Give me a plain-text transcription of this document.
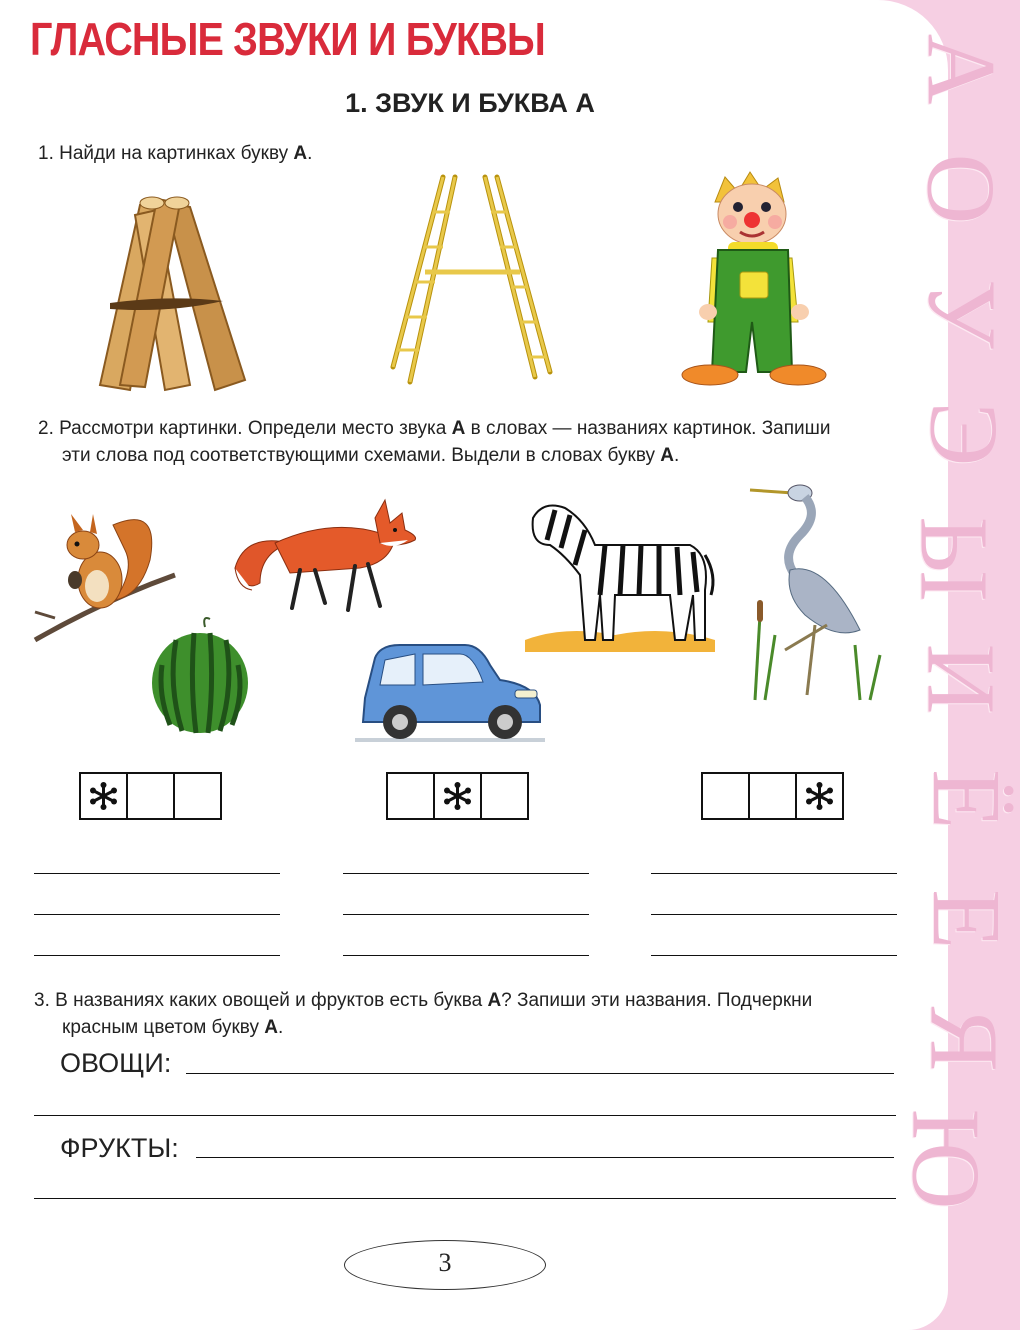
ГЛАСНЫЕ ЗВУКИ И БУКВЫ
1. ЗВУК И БУКВА А
1. Найди на картинках букву А.
2. Рассмотри картинки. Определи место звука А в словах — названиях картинок. Запиши
эти слова под соответствующими схемами. Выдели в словах букву А.
3. В названиях каких овощей и фруктов есть буква А? Запиши эти названия. Подчеркни
красным цветом букву А.
ОВОЩИ:
ФРУКТЫ:
3
А
О
У
Э
Ы
И
Ё
Е
Я
Ю
